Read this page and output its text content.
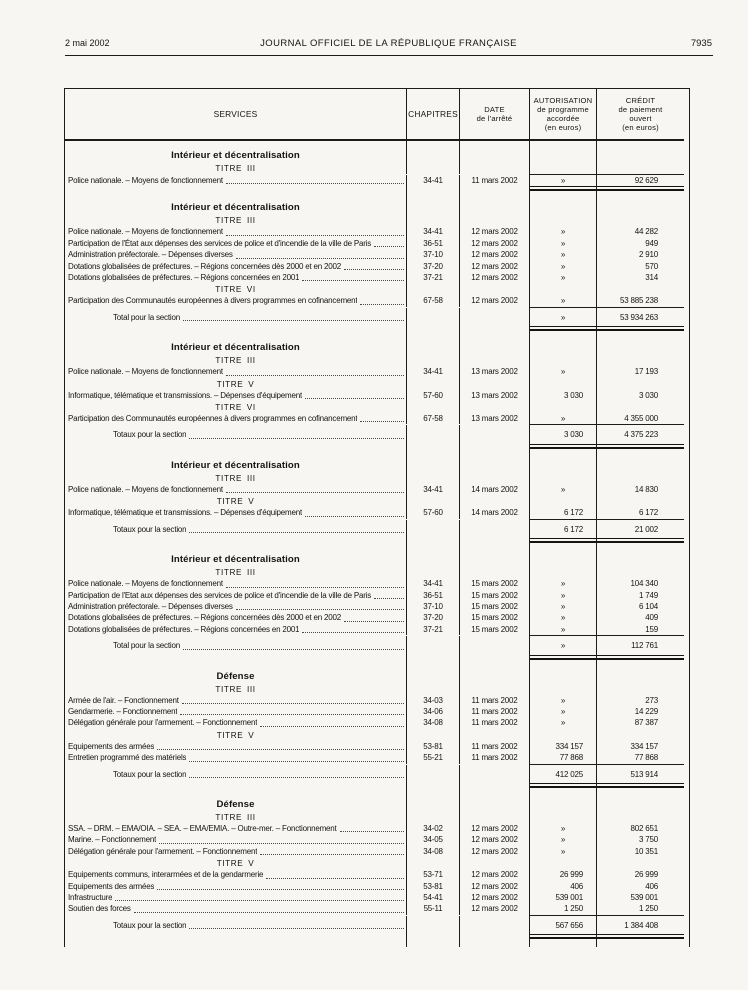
2 mai 2002	JOURNAL OFFICIEL DE LA RÉPUBLIQUE FRANÇAISE	7935
SERVICES	CHAPITRES	DATE
de l'arrêté
AUTORISATION
de programme
accordée
(en euros)
CRÉDIT
de paiement
ouvert
(en euros)
Intérieur et décentralisation
TITRE III
Police nationale. – Moyens de fonctionnement	34-41	11 mars 2002	»	92 629
Intérieur et décentralisation
TITRE III
Police nationale. – Moyens de fonctionnement	34-41	12 mars 2002	»	44 282
Participation de l'État aux dépenses des services de police et d'incendie de la ville de Paris	36-51	12 mars 2002	»	949
Administration préfectorale. – Dépenses diverses	37-10	12 mars 2002	»	2 910
Dotations globalisées de préfectures. – Régions concernées dès 2000 et en 2002	37-20	12 mars 2002	»	570
Dotations globalisées de préfectures. – Régions concernées en 2001	37-21	12 mars 2002	»	314
TITRE VI
Participation des Communautés européennes à divers programmes en cofinancement	67-58	12 mars 2002	»	53 885 238
Total pour la section	»	53 934 263
Intérieur et décentralisation
TITRE III
Police nationale. – Moyens de fonctionnement	34-41	13 mars 2002	»	17 193
TITRE V
Informatique, télématique et transmissions. – Dépenses d'équipement	57-60	13 mars 2002	3 030	3 030
TITRE VI
Participation des Communautés européennes à divers programmes en cofinancement	67-58	13 mars 2002	»	4 355 000
Totaux pour la section	3 030	4 375 223
Intérieur et décentralisation
TITRE III
Police nationale. – Moyens de fonctionnement	34-41	14 mars 2002	»	14 830
TITRE V
Informatique, télématique et transmissions. – Dépenses d'équipement	57-60	14 mars 2002	6 172	6 172
Totaux pour la section	6 172	21 002
Intérieur et décentralisation
TITRE III
Police nationale. – Moyens de fonctionnement	34-41	15 mars 2002	»	104 340
Participation de l'Etat aux dépenses des services de police et d'incendie de la ville de Paris	36-51	15 mars 2002	»	1 749
Administration préfectorale. – Dépenses diverses	37-10	15 mars 2002	»	6 104
Dotations globalisées de préfectures. – Régions concernées dès 2000 et en 2002	37-20	15 mars 2002	»	409
Dotations globalisées de préfectures. – Régions concernées en 2001	37-21	15 mars 2002	»	159
Total pour la section	»	112 761
Défense
TITRE III
Armée de l'air. – Fonctionnement	34-03	11 mars 2002	»	273
Gendarmerie. – Fonctionnement	34-06	11 mars 2002	»	14 229
Délégation générale pour l'armement. – Fonctionnement	34-08	11 mars 2002	»	87 387
TITRE V
Equipements des armées	53-81	11 mars 2002	334 157	334 157
Entretien programmé des matériels	55-21	11 mars 2002	77 868	77 868
Totaux pour la section	412 025	513 914
Défense
TITRE III
SSA. – DRM. – EMA/OIA. – SEA. – EMA/EMIA. – Outre-mer. – Fonctionnement	34-02	12 mars 2002	»	802 651
Marine. – Fonctionnement	34-05	12 mars 2002	»	3 750
Délégation générale pour l'armement. – Fonctionnement	34-08	12 mars 2002	»	10 351
TITRE V
Equipements communs, interarmées et de la gendarmerie	53-71	12 mars 2002	26 999	26 999
Equipements des armées	53-81	12 mars 2002	406	406
Infrastructure	54-41	12 mars 2002	539 001	539 001
Soutien des forces	55-11	12 mars 2002	1 250	1 250
Totaux pour la section	567 656	1 384 408
